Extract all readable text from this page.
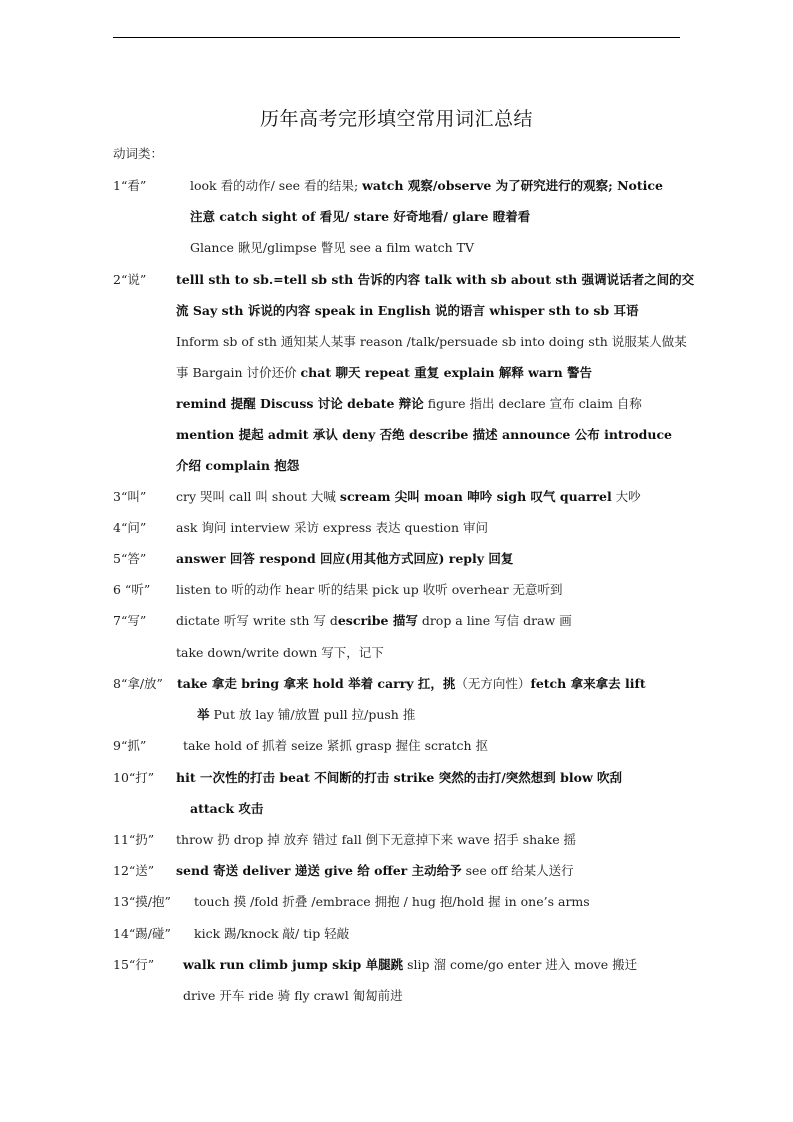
历年高考完形填空常用词汇总结
动词类：
1“看”	look 看的动作/ see 看的结果; watch 观察/observe 为了研究进行的观察; Notice
注意 catch sight of 看见/ stare 好奇地看/ glare 瞪着看
Glance 瞅见/glimpse 瞥见 see a film watch TV
2“说” telll sth to sb.=tell sb sth 告诉的内容 talk with sb about sth 强调说话者之间的交
流 Say sth 诉说的内容 speak in English 说的语言 whisper sth to sb 耳语
Inform sb of sth 通知某人某事 reason /talk/persuade sb into doing sth 说服某人做某
事 Bargain 讨价还价 chat 聊天 repeat 重复 explain 解释 warn 警告
remind 提醒 Discuss 讨论 debate 辩论 figure 指出 declare 宣布 claim 自称
mention 提起 admit 承认 deny 否绝 describe 描述 announce 公布 introduce
介绍 complain 抱怨
3“叫” cry 哭叫 call 叫 shout 大喊 scream 尖叫 moan 呻吟 sigh 叹气 quarrel 大吵
4“问” ask 询问 interview 采访 express 表达 question 审问
5“答” answer 回答 respond 回应(用其他方式回应) reply 回复
6 “听” listen to 听的动作 hear 听的结果 pick up 收听 overhear 无意听到
7“写” dictate 听写 write sth 写 describe 描写 drop a line 写信 draw 画
take down/write down 写下，记下
8“拿/放” take 拿走 bring 拿来 hold 举着 carry 扛，挑（无方向性）fetch 拿来拿去 lift
举 Put 放 lay 铺/放置 pull 拉/push 推
9“抓”	take hold of 抓着 seize 紧抓 grasp 握住 scratch 抠
10“打” hit 一次性的打击 beat 不间断的打击 strike 突然的击打/突然想到 blow 吹刮
attack 攻击
11“扔” throw 扔 drop 掉 放弃 错过 fall 倒下无意掉下来 wave 招手 shake 摇
12“送” send 寄送 deliver 递送 give 给 offer 主动给予 see off 给某人送行
13“摸/抱” touch 摸 /fold 折叠 /embrace 拥抱 / hug 抱/hold 握 in one’s arms
14“踢/碰” kick 踢/knock 敲/ tip 轻敲
15“行” walk run climb jump skip 单腿跳 slip 溜 come/go enter 进入 move 搬迁
drive 开车 ride 骑 fly crawl 匍匐前进
